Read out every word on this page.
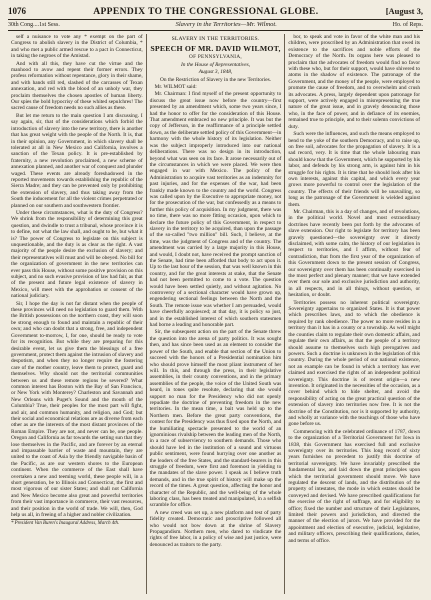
1076	APPENDIX TO THE CONGRESSIONAL GLOBE.	[August 3,
30th Cong....1st Sess.	Slavery in the Territories—Mr. Wilmot.	Ho. of Reps.

self a nuisance to vote any * exempt on the part of Congress to abolish slavery in the District of Columbia, * and who met a public armed rescue to a pact in Connecticut, in taking the negroes of the Amistad.

And with all this, they have cut the virtue and the manhood to avow and repent their former errors. They profess reformation without repentance, glory in their shame, and with hands still red, slashed of the carcasses of Texan annexation, and red with the blood of an unholy war, they proclaim themselves the chosen apostles of human liberty. Our spies the bold hypocrisy of these whited sepulchres! The sacred cause of freedom needs no such allies as these.

But let me return to the main question I am discussing. I say again, sir, that of the considerations which forbid the introduction of slavery into the new territory, there is another that has great weight with the people of the North. It is, that in their opinion, any Government, in which slavery shall be tolerated at all in New Mexico and California, involves a sanction of the Texan policy. It is pre-established by fraternity, a new revolution proclaimed, a new scheme of annexation planned, and another war of conquest and plunder waged. These events are already foreshadowed in the reported movements towards establishing the republic of the Sierra Madre; and they can be prevented only by prohibiting the extension of slavery, and thus taking away from the South the inducement for all the violent crimes perpetrated or planned on our southern and southwestern frontier.

Under these circumstances, what is the duty of Congress? We shrink from the responsibility of determining this great question, and dwindle to trust a tribunal, whose province it is to define, not what the law shall, and ought to be, but what it is? The power of Congress to legislate on this subject is unquestionable, and the duty is as clear as the right. A vast majority of the people desire the exclusion of slavery; and their representatives will must and will be obeyed. No bill for the organization of government in the new territories can ever pass this House, without some positive provision on this subject, and no such evasive provision of law had fair, as that of the present and future legal existence of slavery in Mexico, will meet with the approbation or consent of the national judiciary.

Sir, I hope the day is not far distant when the people of these provinces will need no legislation to guard them. With the British possessions on the northern coast, they will soon be strong enough to found and maintain a republic of their own; and who can doubt that a strong, free, and independent Government to-morrow, I, for one, should be ready to vote for its recognition. But while they are preparing for this desirable event, let us give them the blessings of a free government, protect them against the intrusion of slavery and despotism, and when they no longer require the fostering care of the mother country, leave them to protect, guard and themselves. Why should not the territorial communities between us and these remote regions be severed? What common interest has Boston with the Bay of San Francisco, or New York with Monterey? Charleston and Savannah and New Orleans with Puget's Sound and the mouth of the Columbia? True, their peoples for the most part will fight, and air, and common humanity, and religion, and God; but their social and economical relations are as diverse from each other as are the interests of the most distant provinces of the Roman Empire. They are not, and never can be, one people. Oregon and California as far towards the setting sun that they lose themselves in the Pacific, and are forever by an eternal and impassable barrier of waste and mountain, they are united to the coast of Asia by the friendly navigable basin of the Pacific, as are our western shores to the European continent. When the commerce of the East shall have overtaken a new and teeming world, these people will, in a short generation, be to Illinois and Connecticut, the first and most vigorous of our sister States; and shall not California and New Mexico become also great and powerful territories from their vast importance in commerce, their vast resources, and their position in the world of trade. We will, then, God help us all, in freeing of a higher and nobler civilization.

* President Van Buren's Inaugural Address, March 4th.

SLAVERY IN THE TERRITORIES.

SPEECH OF MR. DAVID WILMOT,

OF PENNSYLVANIA,

In the House of Representatives,

August 3, 1848,

On the Restriction of Slavery in the new Territories.

Mr. WILMOT said:

Mr. Chairman: I find myself of the present opportunity to discuss the great issue now before the country—first presented by an amendment which, some two years since, I had the honor to offer for the consideration of this House. That amendment embraced no new principle. It was but the copy of Jefferson, in the reaffirmance of a principle settled down, as the deliberate settled policy of this Government—in harmony with the whole history of its legislation. Neither was the subject improperly introduced into our national deliberations. There was no design in its introduction, beyond what was seen on its face. It arose necessarily out of the circumstances in which we were placed. We were then engaged in war with Mexico. The policy of the Administration to acquire vast territories as an indemnity for past injuries, and for the expenses of the war, had been frankly made known to the country and the world. Congress was called upon by the Executive to appropriate money, not for the prosecution of the war, but confessedly as a means to further this policy of acquisition. In my judgment, there was no time, there was no more fitting occasion, upon which to declare the future policy of this Government, in respect to slavery in the territory to be acquired, than upon the passage of the so-called "two million" bill. Such, I believe, at the time, was the judgment of Congress and of the country. The amendment was carried by a large majority in this House, and would, I doubt not, have received the prompt sanction of the Senate, had time been afforded that body to act upon it. Up to the last hour of the session, that was well known in this country, and for the great interests at stake, that the Senate had not been permitted to come to a vote. The question would have been settled quietly, and without agitation. No controversy of a sectional character would have grown up, engendering sectional feelings between the North and the South. The remote issue was whether I am persuaded, would have cheerfully acquiesced; at that day, it is policy so just, and in the established interest of which southern statesmen had borne a leading and honorable part.

Sir, the subsequent action on the part of the Senate threw the question into the arena of party politics. It was sought then, and has since been used as an element to consider the power of the South, and enable that section of the Union to succeed with the honors of a Presidential nomination him who should prove himself the most pliant instrument of her will. In this, and through the press, in their legislative assemblies, in their county conventions, and in the primary assemblies of the people, the voice of the United South was heard, in tones quite resolute, declaring that she would support no man for the Presidency who did not openly repudiate the doctrine of preventing freedom in the new territories. In the mean time, a bait was held up to the Northern men. Before the great party conventions, the contest for the Presidency was thus fixed upon the North, and the humiliating spectacle presented to the world of an ignominious rivalship between the leading men of the North, in a race of subserviency to southern demands. Those who should have led in the institution of a sound and virtuous public sentiment, were found hurrying over one another as the leaders of the free States, and the standard-bearers in this struggle of freedom, were first and foremost in yielding to the mandates of the slave power. I speak as I believe truth demands, and in the true spirit of history will make up the record of the times. A great question, affecting the honor and character of the Republic, and the well-being of the whole laboring class, has been treated and manipulated, in a selfish scramble for office.

A new creed was set up, a new platform and test of party fidelity created. Democratic and proscriptive followed all who would not bow down at the shrine of Slavery Propagandism. Northern men, who dared to vindicate the rights of free labor, in a policy of wise and just justice, were denounced as traitors to the party.

bor, to speak and vote in favor of the white man and his children, were proscribed by an Administration that owed its existence to the sacrifices and noble efforts of the Democracy of the North. Its organs here was pleased to proclaim that the advocates of freedom would find no favor with these who, but for their support, would have shivered to atoms in the shadow of existence. The patronage of the Government, and the money of the people, were employed to promote the cause of freedom, and to overwhelm and crush its advocates. A press, largely dependent upon patronage for support, were actively engaged in misrepresenting the true nature of the great issue, and in gravely denouncing those who, in the face of power, and in defiance of its enemies, remained true to principle, and to their solemn convictions of duty.

Such were the influences, and such the means employed to bend to the yoke of the southern Democracy, and to raise up, on free soil, advocates for the propagation of slavery. It is a sad record, very. It is time that the whole labouring man should know that the Government, which he supported by his labor, and defends by his strong arm, is against him in his struggle for his rights. It is time that he should look after his own interests, against this capital, and which every year grows more powerful to control over the legislation of the country. The effects of their friends will be unavailing, so long as the patronage of the Government is wielded against them.

Mr. Chairman, this is a day of changes, and of revolutions, in the political world. Novel and most extraordinary doctrines have recently been put forth by the advocates of slave extension. Our right to legislate for territory has been gravely questioned—the sovereignty over it directly disclaimed, with some calm, the history of our legislation in respect to territories, and I affirm, without fear of contradiction, that from the first year of the organization of this Government down to the present session of Congress, our sovereignty over them has been continually exercised in the most perfect and plenary manner; that we have extended over them our sole and exclusive jurisdiction and authority, in all respects, and in all things, without question, or hesitation, or doubt.

Territories possess no inherent political sovereignty. Sovereignty appertains to organized States. It is that power which prescribes laws, and to which the obedience is required by rank obedience. The power no more resides in a territory than it has in a county or a township. As well might the counties claim to regulate their own domestic affairs, and regulate their own affairs, as that the people of a territory should assume to themselves such high prerogatives and powers. Such a doctrine is unknown in the legislation of this country. During the whole period of our national existence, not an example can be found in which a territory has ever claimed and exercised the rights of an independent political sovereignty. This doctrine is of recent origin—a new invention. It originated in the necessities of the occasion, as a cover behind which to hide shelter, and avoid the responsibility of acting on the great practical question of the extension of slavery into territories now free. It is not the doctrine of the Constitution, nor is it supported by authority, and wholly at variance with the teachings of those who have gone before us.

Commencing with the celebrated ordinance of 1787, down to the organization of a Territorial Government for Iowa in 1838, this Government has exercised full and exclusive sovereignty over its territories. This long record of sixty years furnishes no precedent to justify this doctrine of territorial sovereignty. We have invariably prescribed the fundamental law, and laid down the great principles upon which the territorial government should move. We have regulated the descent of lands, and the distribution of the property of intestates, the mode in which estates should be conveyed and devised. We have prescribed qualifications for the exercise of the right of suffrage, and for eligibility to office; fixed the number and structure of their Legislatures, limited their powers and jurisdiction, and directed the manner of the election of jurors. We have provided for the appointment and election of executive, judicial, legislative, and military officers, prescribing their qualifications, duties, and terms of office.
